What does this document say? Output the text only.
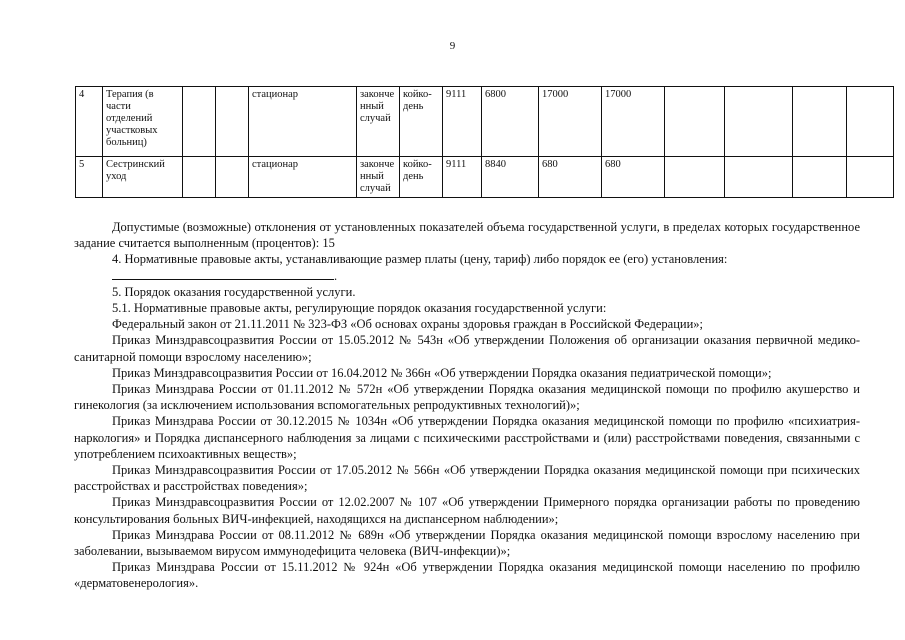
9
4	Терапия (в части отделений участковых больниц)			стационар	законче нный случай	койко- день	9111	6800	17000	17000				
5	Сестринский уход			стационар	законче нный случай	койко- день	9111	8840	680	680				

Допустимые (возможные) отклонения от установленных показателей объема государственной услуги, в пределах которых государственное задание считается выполненным (процентов): 15

4. Нормативные правовые акты, устанавливающие размер платы (цену, тариф) либо порядок ее (его) установления:

.

5. Порядок оказания государственной услуги.

5.1. Нормативные правовые акты, регулирующие порядок оказания государственной услуги:

Федеральный закон от 21.11.2011 № 323-ФЗ «Об основах охраны здоровья граждан в Российской Федерации»;

Приказ Минздравсоцразвития России от 15.05.2012 № 543н «Об утверждении Положения об организации оказания первичной медико-санитарной помощи взрослому населению»;

Приказ Минздравсоцразвития России от 16.04.2012 № 366н «Об утверждении Порядка оказания педиатрической помощи»;

Приказ Минздрава России от 01.11.2012 № 572н «Об утверждении Порядка оказания медицинской помощи по профилю акушерство и гинекология (за исключением использования вспомогательных репродуктивных технологий)»;

Приказ Минздрава России от 30.12.2015 № 1034н «Об утверждении Порядка оказания медицинской помощи по профилю «психиатрия-наркология» и Порядка диспансерного наблюдения за лицами с психическими расстройствами и (или) расстройствами поведения, связанными с употреблением психоактивных веществ»;

Приказ Минздравсоцразвития России от 17.05.2012 № 566н «Об утверждении Порядка оказания медицинской помощи при психических расстройствах и расстройствах поведения»;

Приказ Минздравсоцразвития России от 12.02.2007 № 107 «Об утверждении Примерного порядка организации работы по проведению консультирования больных ВИЧ-инфекцией, находящихся на диспансерном наблюдении»;

Приказ Минздрава России от 08.11.2012 № 689н «Об утверждении Порядка оказания медицинской помощи взрослому населению при заболевании, вызываемом вирусом иммунодефицита человека (ВИЧ-инфекции)»;

Приказ Минздрава России от 15.11.2012 № 924н «Об утверждении Порядка оказания медицинской помощи населению по профилю «дерматовенерология».
